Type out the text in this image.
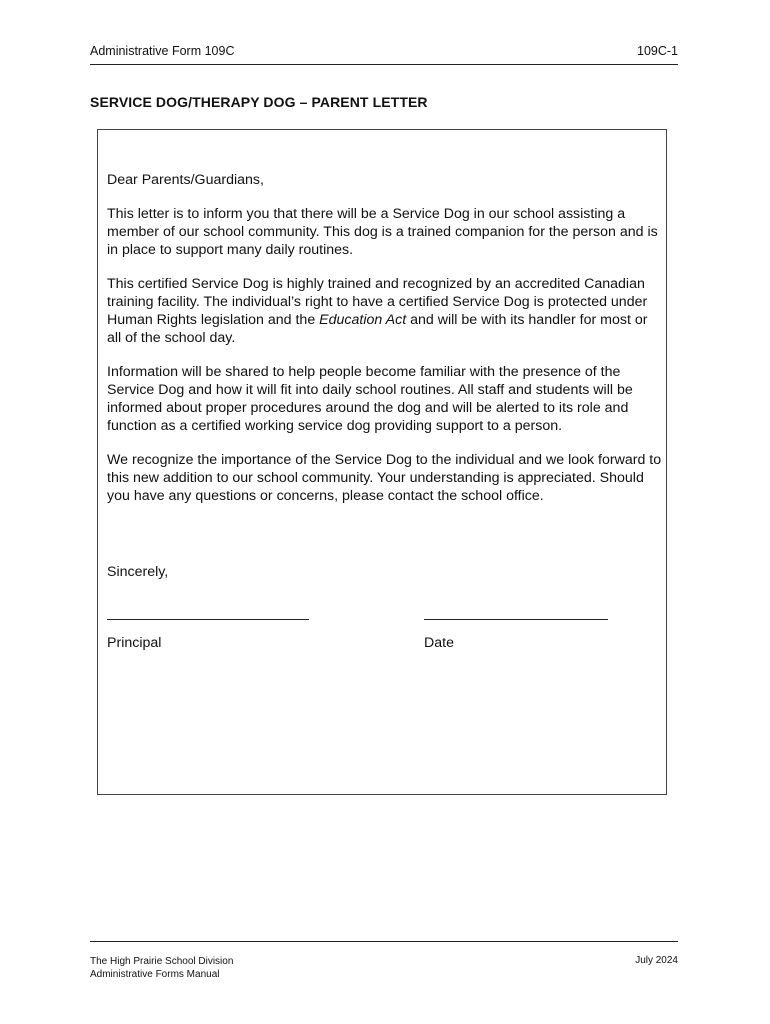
Administrative Form 109C	109C-1
SERVICE DOG/THERAPY DOG – PARENT LETTER

Dear Parents/Guardians,

This letter is to inform you that there will be a Service Dog in our school assisting a member of our school community. This dog is a trained companion for the person and is in place to support many daily routines.

This certified Service Dog is highly trained and recognized by an accredited Canadian training facility. The individual’s right to have a certified Service Dog is protected under Human Rights legislation and the Education Act and will be with its handler for most or all of the school day.

Information will be shared to help people become familiar with the presence of the Service Dog and how it will fit into daily school routines. All staff and students will be informed about proper procedures around the dog and will be alerted to its role and function as a certified working service dog providing support to a person.

We recognize the importance of the Service Dog to the individual and we look forward to this new addition to our school community. Your understanding is appreciated. Should you have any questions or concerns, please contact the school office.

Sincerely,
Principal	Date
The High Prairie School Division
Administrative Forms Manual
July 2024
